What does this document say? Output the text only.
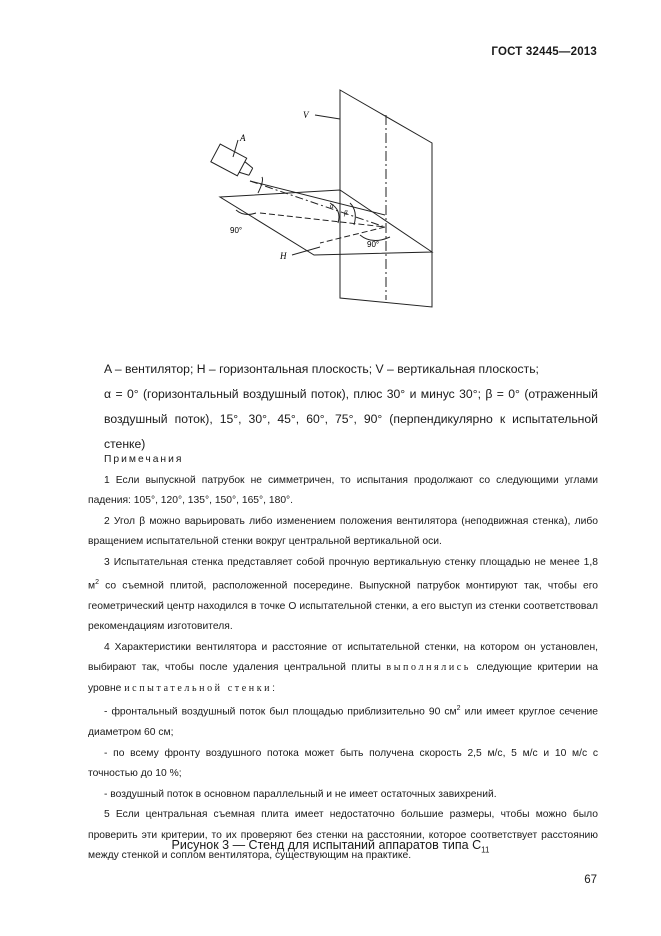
ГОСТ 32445—2013
V
A
H
90°
90°
α
β

A – вентилятор; H – горизонтальная плоскость; V – вертикальная плоскость;

α = 0° (горизонтальный воздушный поток), плюс 30° и минус 30°; β = 0° (отраженный воздушный поток), 15°, 30°, 45°, 60°, 75°, 90° (перпендикулярно к испытательной стенке)

Примечания

1 Если выпускной патрубок не симметричен, то испытания продолжают со следующими углами падения: 105°, 120°, 135°, 150°, 165°, 180°.

2 Угол β можно варьировать либо изменением положения вентилятора (неподвижная стенка), либо вращением испытательной стенки вокруг центральной вертикальной оси.

3 Испытательная стенка представляет собой прочную вертикальную стенку площадью не менее 1,8 $м^2$ со съемной плитой, расположенной посередине. Выпускной патрубок монтируют так, чтобы его геометрический центр находился в точке O испытательной стенки, а его выступ из стенки соответствовал рекомендациям изготовителя.

4 Характеристики вентилятора и расстояние от испытательной стенки, на котором он установлен, выбирают так, чтобы после удаления центральной плиты выполнялись следующие критерии на уровне испытательной стенки:

- фронтальный воздушный поток был площадью приблизительно 90 $см^2$ или имеет круглое сечение диаметром 60 см;

- по всему фронту воздушного потока может быть получена скорость 2,5 м/с, 5 м/с и 10 м/с с точностью до 10 %;

- воздушный поток в основном параллельный и не имеет остаточных завихрений.

5 Если центральная съемная плита имеет недостаточно большие размеры, чтобы можно было проверить эти критерии, то их проверяют без стенки на расстоянии, которое соответствует расстоянию между стенкой и соплом вентилятора, существующим на практике.

Рисунок 3 — Стенд для испытаний аппаратов типа $C_{11}$
67
